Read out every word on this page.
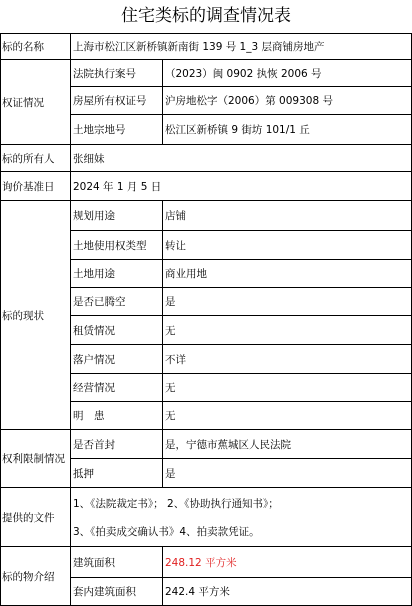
住宅类标的调查情况表
标的名称	上海市松江区新桥镇新南街 139 号 1_3 层商铺房地产
权证情况
法院执行案号	（2023）闽 0902 执恢 2006 号
房屋所有权证号	沪房地松字（2006）第 009308 号
土地宗地号	松江区新桥镇 9 街坊 101/1 丘
标的所有人	张细妹
询价基准日	2024 年 1 月 5 日
标的现状
规划用途	店铺
土地使用权类型	转让
土地用途	商业用地
是否已腾空	是
租赁情况	无
落户情况	不详
经营情况	无
明　患	无
权利限制情况
是否首封	是，宁德市蕉城区人民法院
抵押	是
提供的文件
1、《法院裁定书》； 2、《协助执行通知书》；
3、《拍卖成交确认书》4、拍卖款凭证。
标的物介绍
建筑面积	248.12 平方米
套内建筑面积	242.4 平方米
